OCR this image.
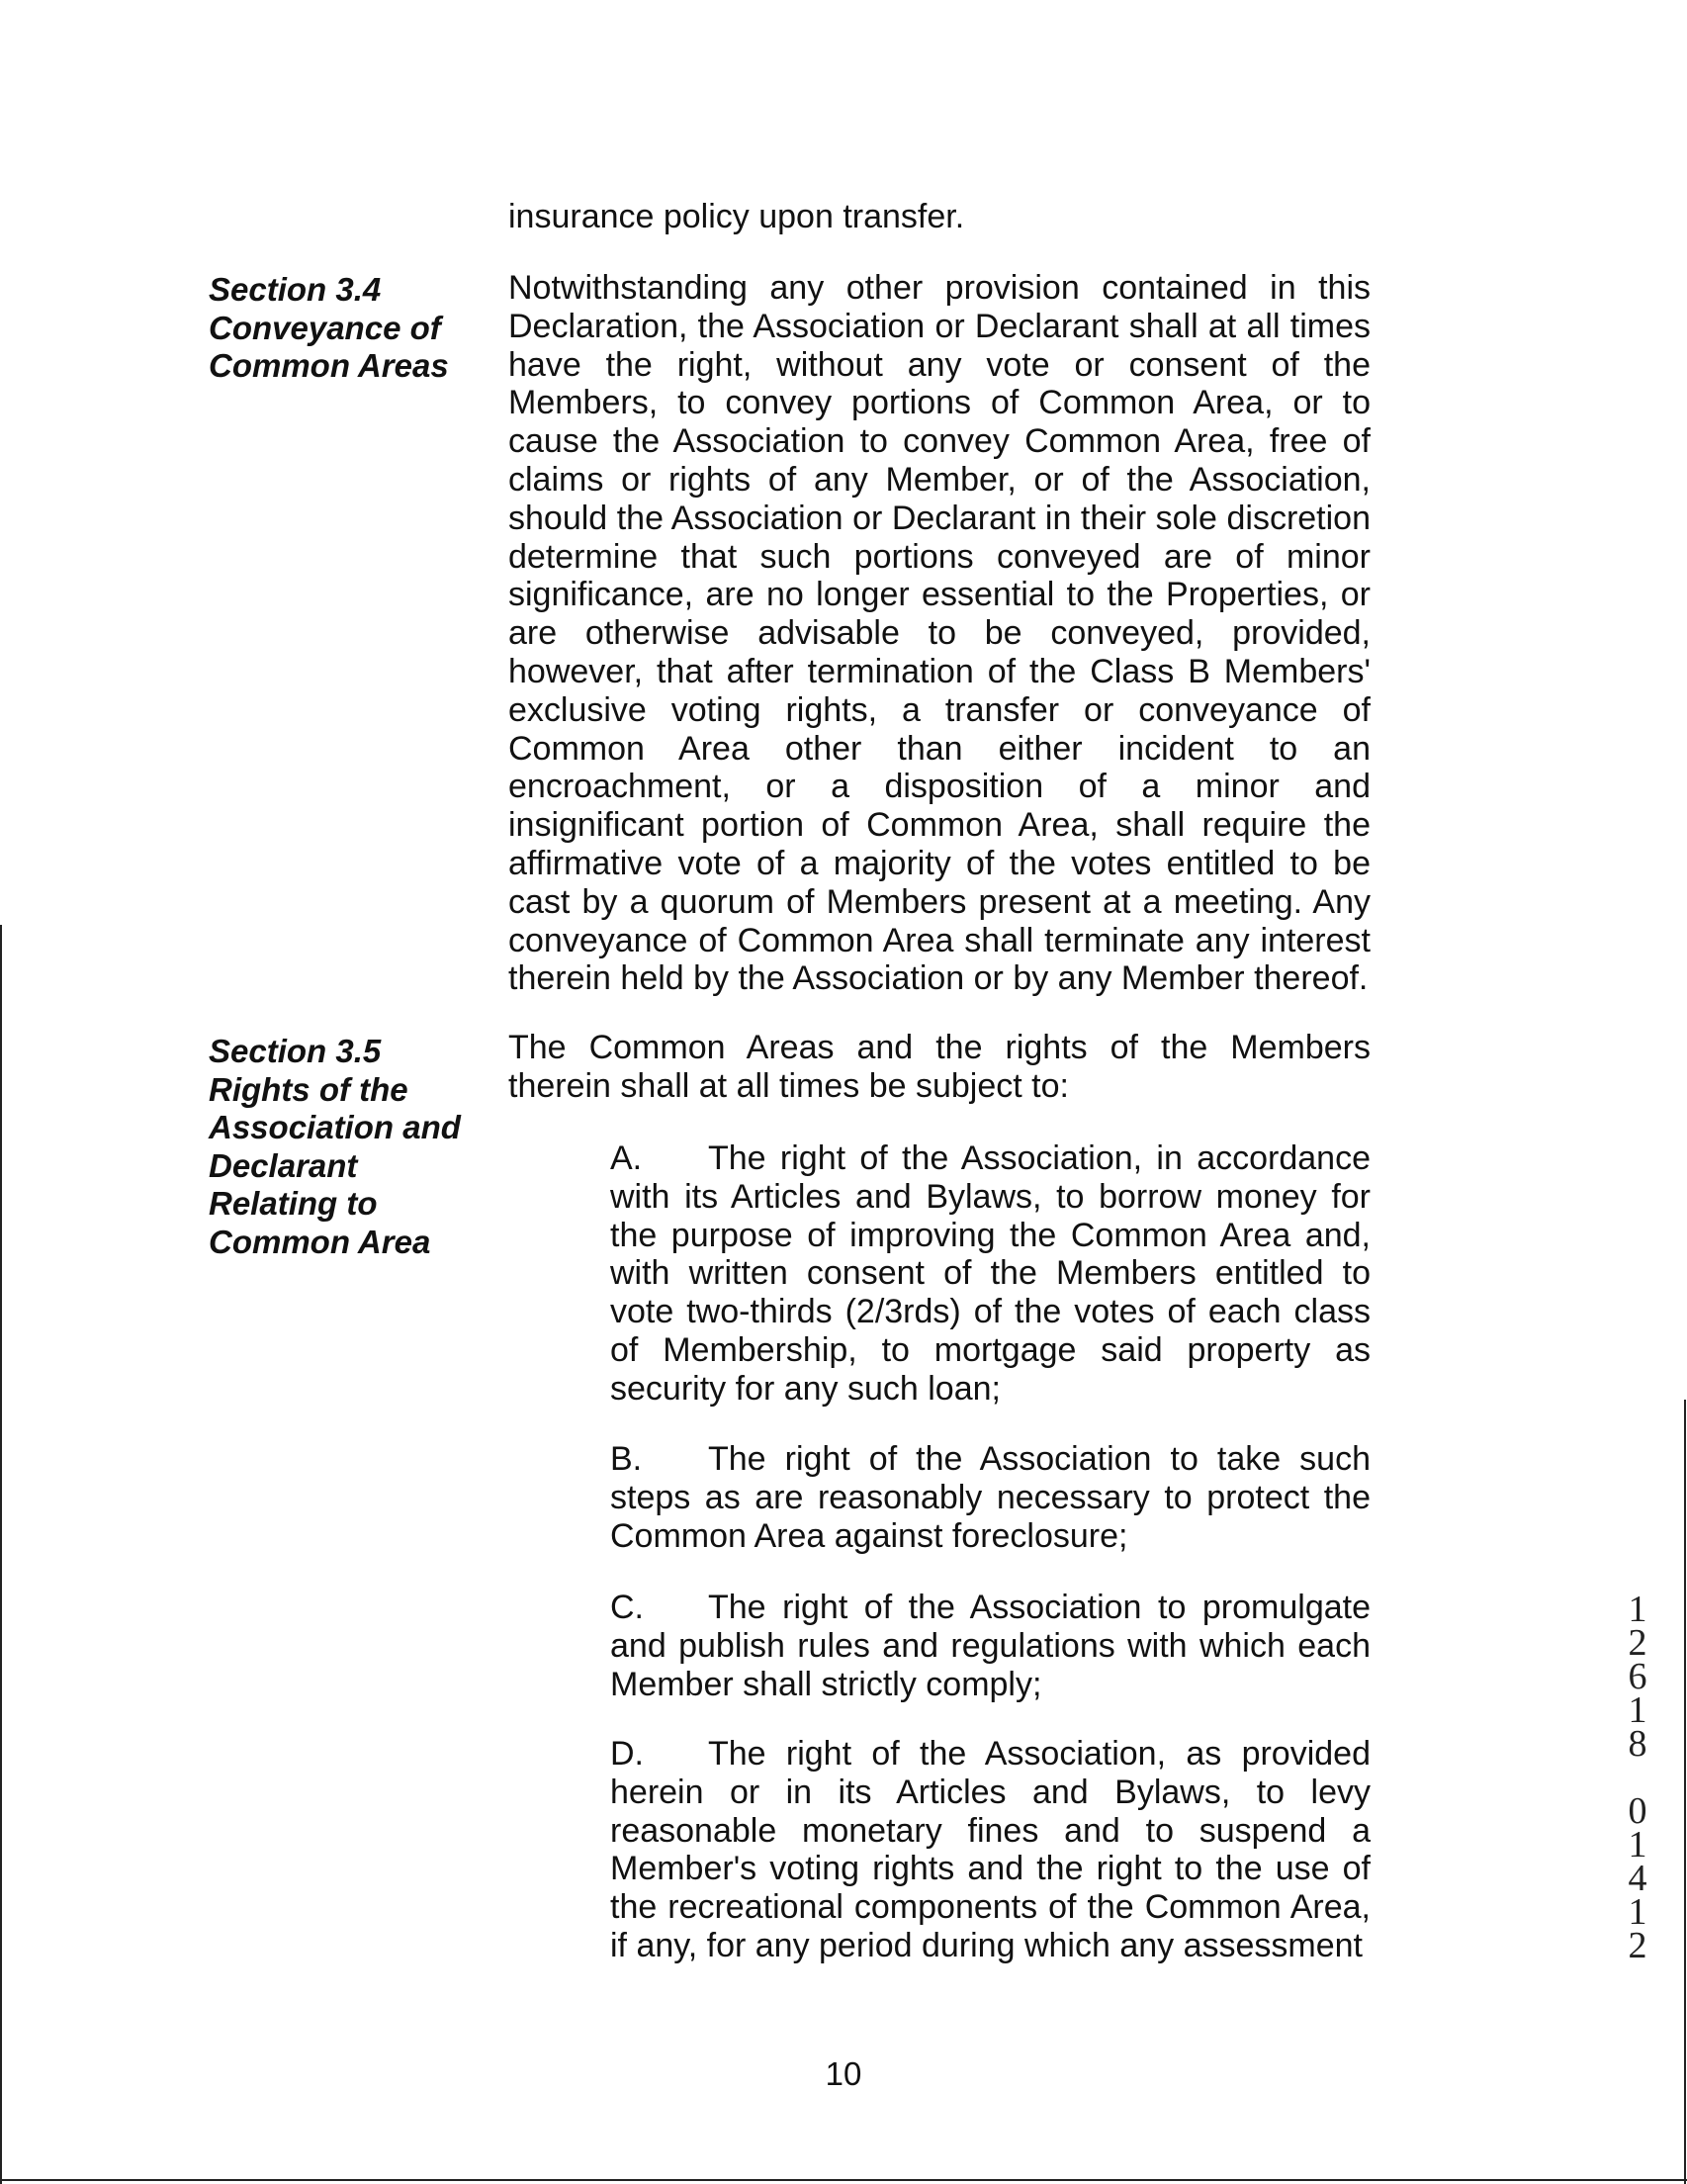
insurance policy upon transfer.

Section 3.4
Conveyance of
Common Areas

Notwithstanding any other provision contained in this Declaration, the Association or Declarant shall at all times have the right, without any vote or consent of the Members, to convey portions of Common Area, or to cause the Association to convey Common Area, free of claims or rights of any Member, or of the Association, should the Association or Declarant in their sole discretion determine that such portions conveyed are of minor significance, are no longer essential to the Properties, or are otherwise advisable to be conveyed, provided, however, that after termination of the Class B Members' exclusive voting rights, a transfer or conveyance of Common Area other than either incident to an encroachment, or a disposition of a minor and insignificant portion of Common Area, shall require the affirmative vote of a majority of the votes entitled to be cast by a quorum of Members present at a meeting. Any conveyance of Common Area shall terminate any interest therein held by the Association or by any Member thereof.

Section 3.5
Rights of the
Association and
Declarant
Relating to
Common Area

The Common Areas and the rights of the Members therein shall at all times be subject to:

A. The right of the Association, in accordance with its Articles and Bylaws, to borrow money for the purpose of improving the Common Area and, with written consent of the Members entitled to vote two-thirds (2/3rds) of the votes of each class of Membership, to mortgage said property as security for any such loan;

B. The right of the Association to take such steps as are reasonably necessary to protect the Common Area against foreclosure;

C. The right of the Association to promulgate and publish rules and regulations with which each Member shall strictly comply;

D. The right of the Association, as provided herein or in its Articles and Bylaws, to levy reasonable monetary fines and to suspend a Member's voting rights and the right to the use of the recreational components of the Common Area, if any, for any period during which any assessment

10

1
2
6
1
8

0
1
4
1
2
